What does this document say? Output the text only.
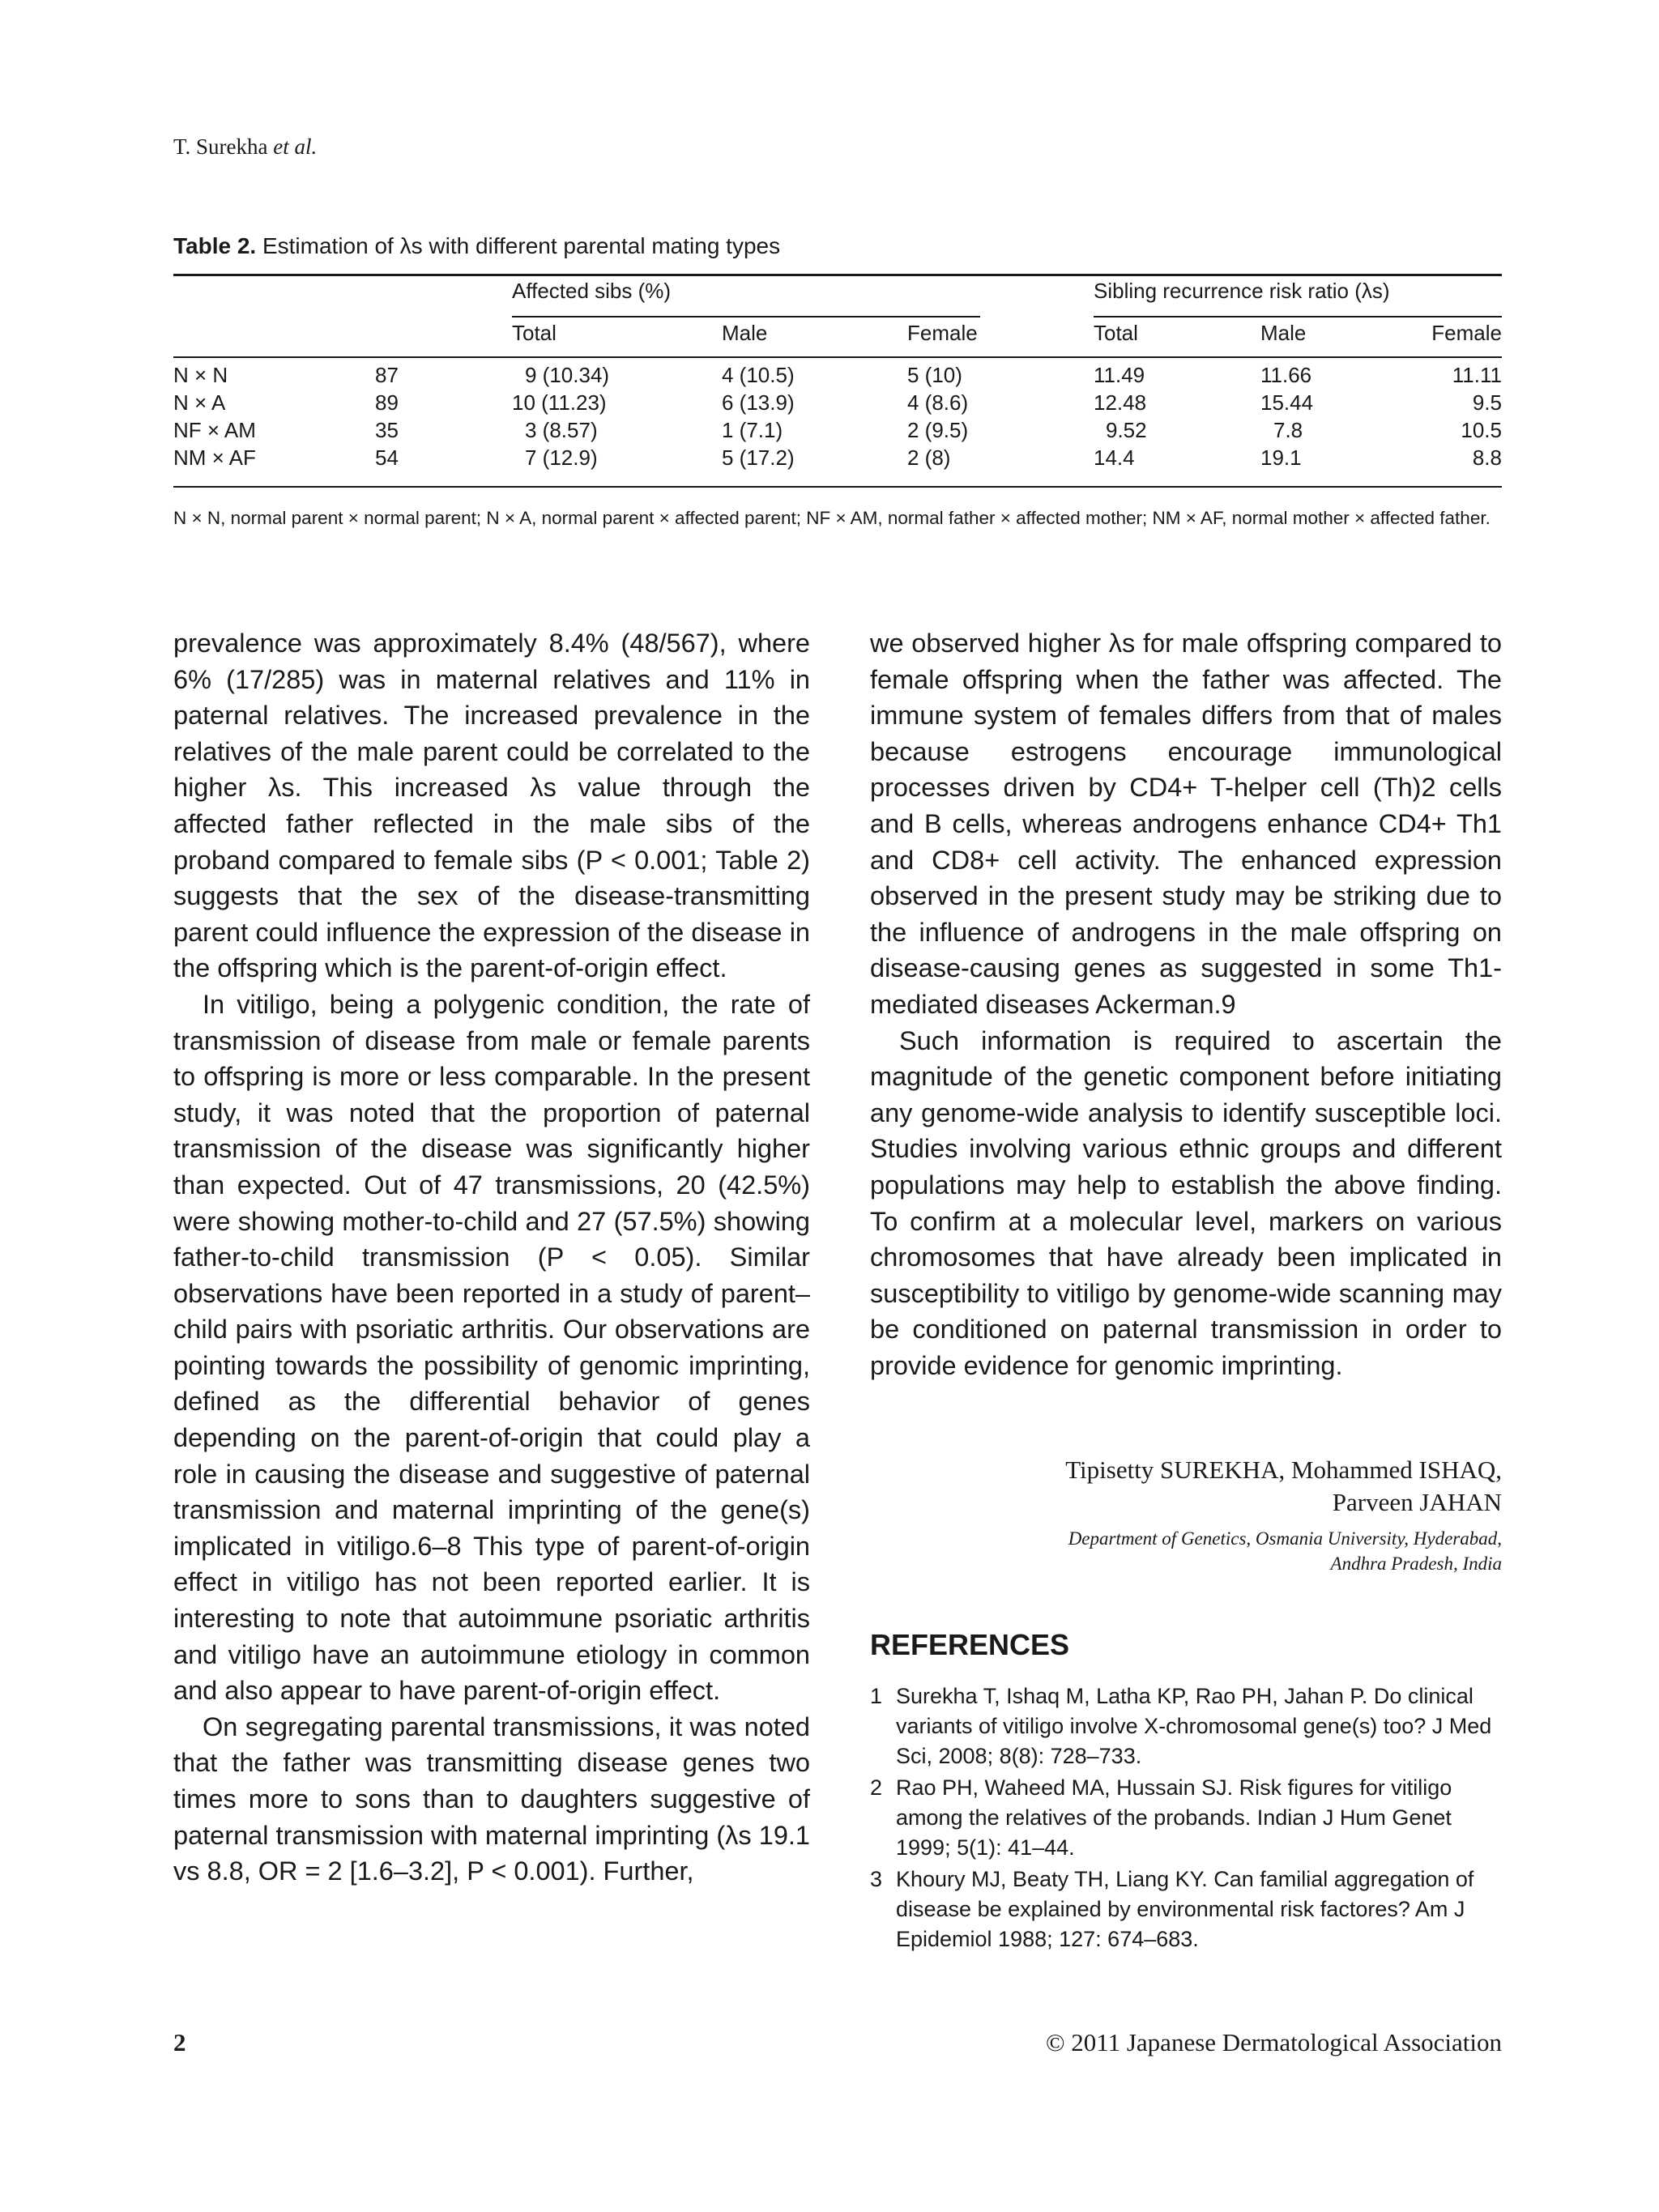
T. Surekha et al.
Table 2. Estimation of λs with different parental mating types
Affected sibs (%)	Sibling recurrence risk ratio (λs)
Total	Male	Female	Total	Male	Female
N × N	87	9 (10.34)	4 (10.5)	5 (10)	11.49	11.66	11.11
N × A	89	10 (11.23)	6 (13.9)	4 (8.6)	12.48	15.44	9.5
NF × AM	35	3 (8.57)	1 (7.1)	2 (9.5)	9.52	7.8	10.5
NM × AF	54	7 (12.9)	5 (17.2)	2 (8)	14.4	19.1	8.8
N × N, normal parent × normal parent; N × A, normal parent × affected parent; NF × AM, normal father × affected mother; NM × AF, normal mother × affected father.

prevalence was approximately 8.4% (48/567), where 6% (17/285) was in maternal relatives and 11% in paternal relatives. The increased prevalence in the relatives of the male parent could be correlated to the higher λs. This increased λs value through the affected father reflected in the male sibs of the proband compared to female sibs (P < 0.001; Table 2) suggests that the sex of the disease-transmitting parent could influence the expression of the disease in the offspring which is the parent-of-origin effect.

In vitiligo, being a polygenic condition, the rate of transmission of disease from male or female parents to offspring is more or less comparable. In the present study, it was noted that the proportion of paternal transmission of the disease was significantly higher than expected. Out of 47 transmissions, 20 (42.5%) were showing mother-to-child and 27 (57.5%) showing father-to-child transmission (P < 0.05). Similar observations have been reported in a study of parent–child pairs with psoriatic arthritis. Our observations are pointing towards the possibility of genomic imprinting, defined as the differential behavior of genes depending on the parent-of-origin that could play a role in causing the disease and suggestive of paternal transmission and maternal imprinting of the gene(s) implicated in vitiligo.6–8 This type of parent-of-origin effect in vitiligo has not been reported earlier. It is interesting to note that autoimmune psoriatic arthritis and vitiligo have an autoimmune etiology in common and also appear to have parent-of-origin effect.

On segregating parental transmissions, it was noted that the father was transmitting disease genes two times more to sons than to daughters suggestive of paternal transmission with maternal imprinting (λs 19.1 vs 8.8, OR = 2 [1.6–3.2], P < 0.001). Further,

we observed higher λs for male offspring compared to female offspring when the father was affected. The immune system of females differs from that of males because estrogens encourage immunological processes driven by CD4+ T-helper cell (Th)2 cells and B cells, whereas androgens enhance CD4+ Th1 and CD8+ cell activity. The enhanced expression observed in the present study may be striking due to the influence of androgens in the male offspring on disease-causing genes as suggested in some Th1-mediated diseases Ackerman.9

Such information is required to ascertain the magnitude of the genetic component before initiating any genome-wide analysis to identify susceptible loci. Studies involving various ethnic groups and different populations may help to establish the above finding. To confirm at a molecular level, markers on various chromosomes that have already been implicated in susceptibility to vitiligo by genome-wide scanning may be conditioned on paternal transmission in order to provide evidence for genomic imprinting.

Tipisetty SUREKHA, Mohammed ISHAQ,
Parveen JAHAN
Department of Genetics, Osmania University, Hyderabad,
Andhra Pradesh, India
REFERENCES
1 Surekha T, Ishaq M, Latha KP, Rao PH, Jahan P. Do clinical variants of vitiligo involve X-chromosomal gene(s) too? J Med Sci, 2008; 8(8): 728–733.
2 Rao PH, Waheed MA, Hussain SJ. Risk figures for vitiligo among the relatives of the probands. Indian J Hum Genet 1999; 5(1): 41–44.
3 Khoury MJ, Beaty TH, Liang KY. Can familial aggregation of disease be explained by environmental risk factores? Am J Epidemiol 1988; 127: 674–683.
2	© 2011 Japanese Dermatological Association
